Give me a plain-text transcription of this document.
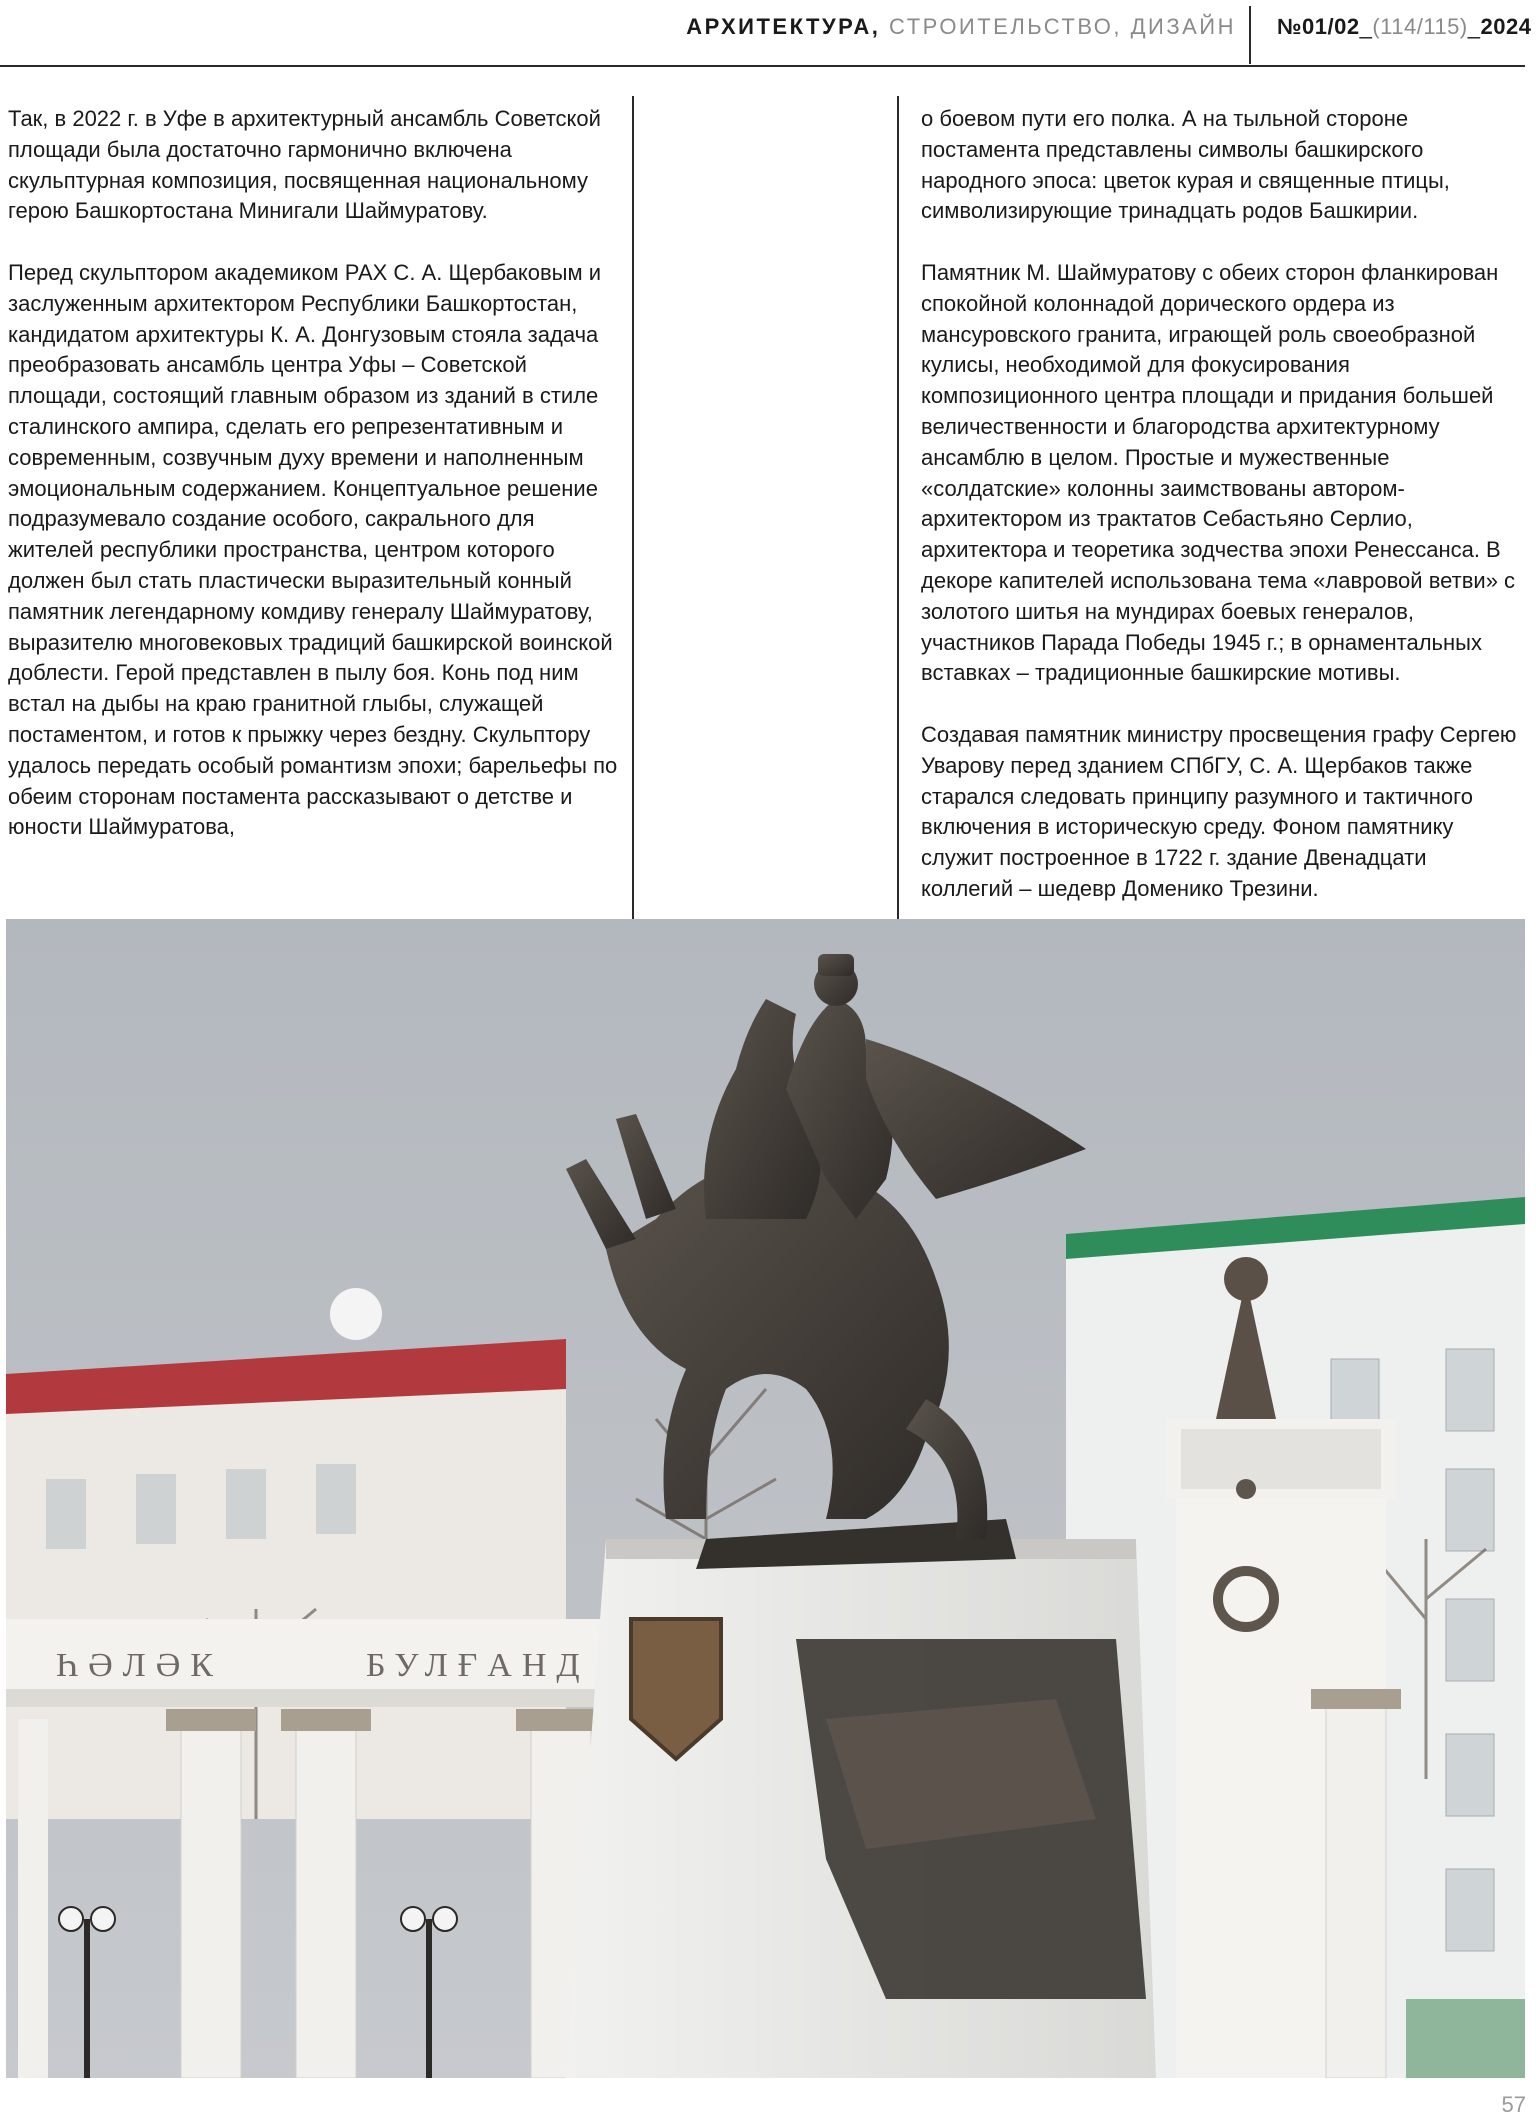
АРХИТЕКТУРА, СТРОИТЕЛЬСТВО, ДИЗАЙН №01/02_(114/115)_2024

Так, в 2022 г. в Уфе в архитектурный ансамбль Советской площади была достаточно гармонично включена скульптурная композиция, посвященная национальному герою Башкортостана Минигали Шаймуратову.

Перед скульптором академиком РАХ С. А. Щербаковым и заслуженным архитектором Республики Башкортостан, кандидатом архитектуры К. А. Донгузовым стояла задача преобразовать ансамбль центра Уфы – Советской площади, состоящий главным образом из зданий в стиле сталинского ампира, сделать его репрезентативным и современным, созвучным духу времени и наполненным эмоциональным содержанием. Концептуальное решение подразумевало создание особого, сакрального для жителей республики пространства, центром которого должен был стать пластически выразительный конный памятник легендарному комдиву генералу Шаймуратову, выразителю многовековых традиций башкирской воинской доблести. Герой представлен в пылу боя. Конь под ним встал на дыбы на краю гранитной глыбы, служащей постаментом, и готов к прыжку через бездну. Скульптору удалось передать особый романтизм эпохи; барельефы по обеим сторонам постамента рассказывают о детстве и юности Шаймуратова,

о боевом пути его полка. А на тыльной стороне постамента представлены символы башкирского народного эпоса: цветок курая и священные птицы, символизирующие тринадцать родов Башкирии.

Памятник М. Шаймуратову с обеих сторон фланкирован спокойной колоннадой дорического ордера из мансуровского гранита, играющей роль своеобразной кулисы, необходимой для фокусирования композиционного центра площади и придания большей величественности и благородства архитектурному ансамблю в целом. Простые и мужественные «солдатские» колонны заимствованы автором-архитектором из трактатов Себастьяно Серлио, архитектора и теоретика зодчества эпохи Ренессанса. В декоре капителей использована тема «лавровой ветви» с золотого шитья на мундирах боевых генералов, участников Парада Победы 1945 г.; в орнаментальных вставках – традиционные башкирские мотивы.

Создавая памятник министру просвещения графу Сергею Уварову перед зданием СПбГУ, С. А. Щербаков также старался следовать принципу разумного и тактичного включения в историческую среду. Фоном памятнику служит построенное в 1722 г. здание Двенадцати коллегий – шедевр Доменико Трезини.

ҺƏЛƏК	БУЛҒАНД
57
